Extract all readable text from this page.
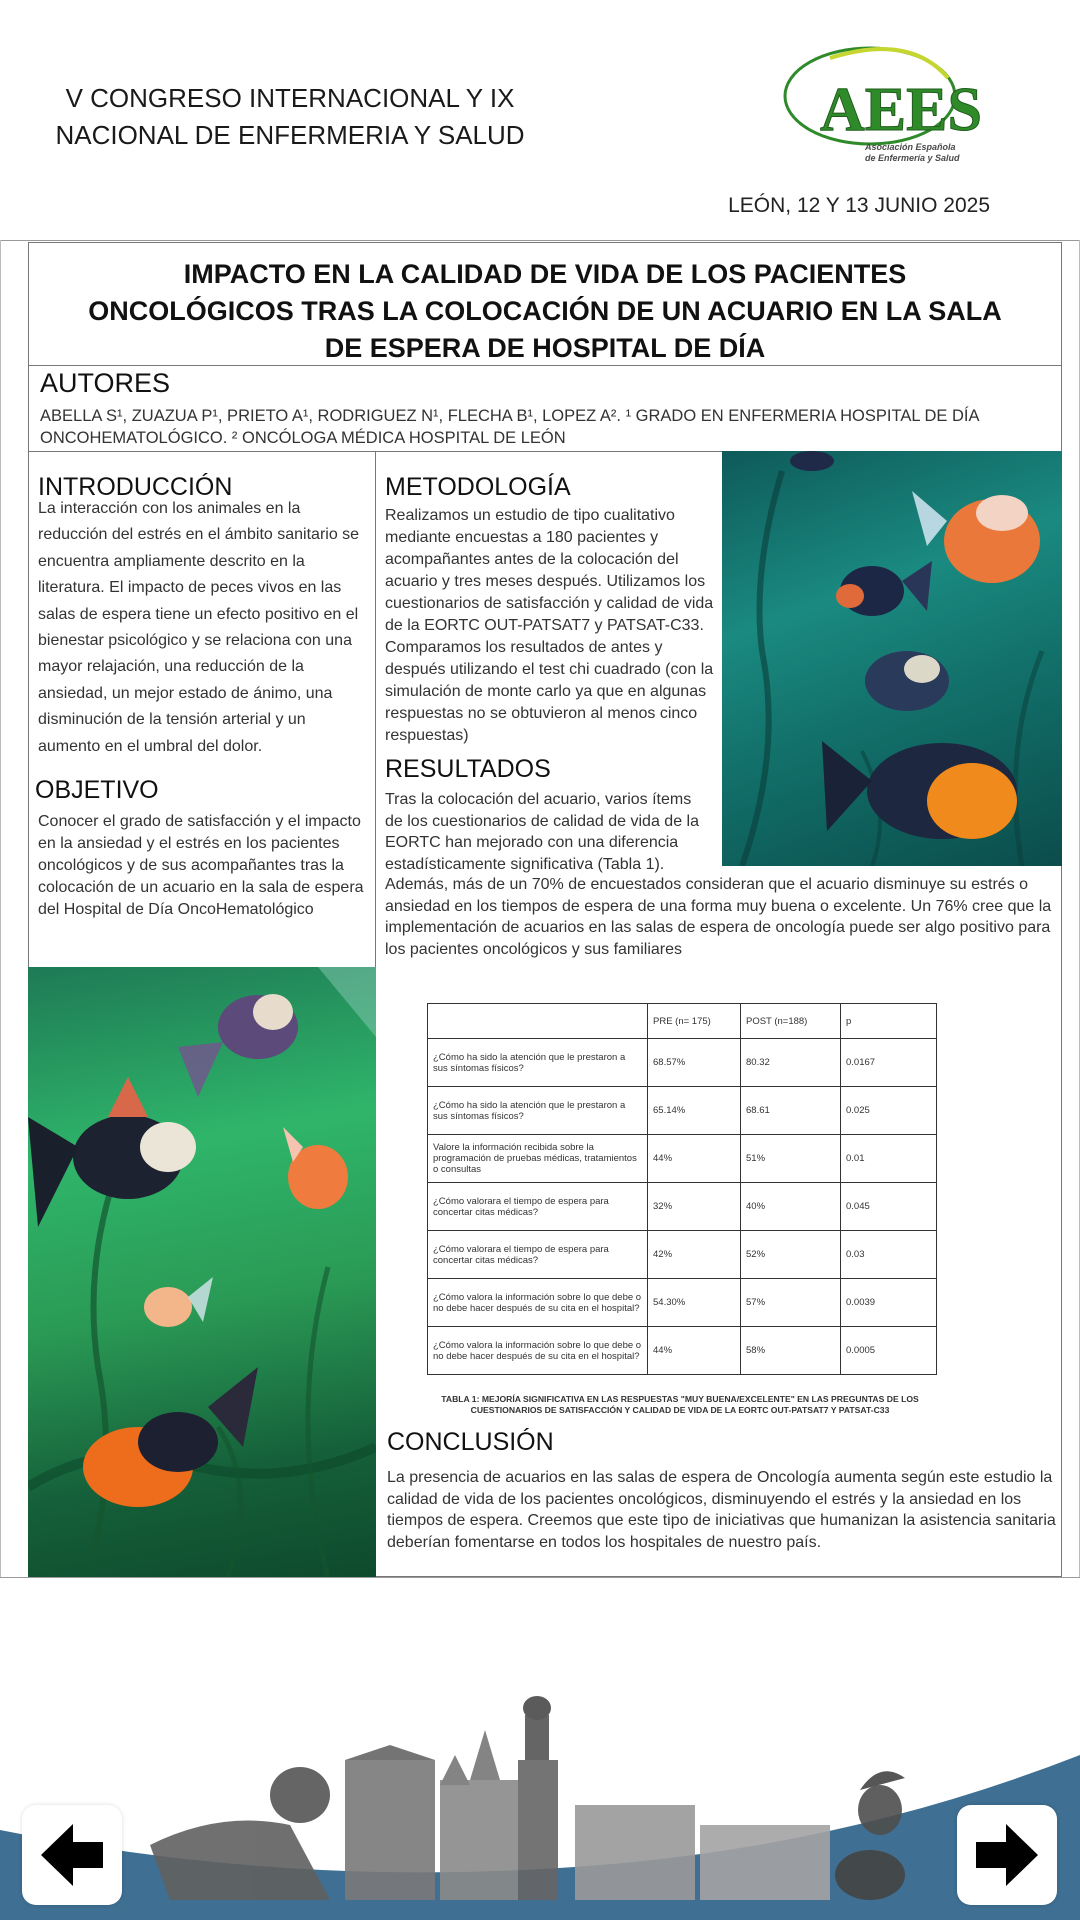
V CONGRESO INTERNACIONAL Y IX
NACIONAL DE ENFERMERIA Y SALUD	AEES
Asociación Española
de Enfermería y Salud
LEÓN, 12 Y 13 JUNIO 2025
IMPACTO EN LA CALIDAD DE VIDA DE LOS PACIENTES
ONCOLÓGICOS TRAS LA COLOCACIÓN DE UN ACUARIO EN LA SALA
DE ESPERA DE HOSPITAL DE DÍA
AUTORES
ABELLA S¹, ZUAZUA P¹, PRIETO A¹, RODRIGUEZ N¹, FLECHA B¹, LOPEZ A². ¹ GRADO EN ENFERMERIA HOSPITAL DE DÍA ONCOHEMATOLÓGICO. ² ONCÓLOGA MÉDICA HOSPITAL DE LEÓN
INTRODUCCIÓN
La interacción con los animales en la reducción del estrés en el ámbito sanitario se encuentra ampliamente descrito en la literatura. El impacto de peces vivos en las salas de espera tiene un efecto positivo en el bienestar psicológico y se relaciona con una mayor relajación, una reducción de la ansiedad, un mejor estado de ánimo, una disminución de la tensión arterial y un aumento en el umbral del dolor.
OBJETIVO
Conocer el grado de satisfacción y el impacto en la ansiedad y el estrés en los pacientes oncológicos y de sus acompañantes tras la colocación de un acuario en la sala de espera del Hospital de Día OncoHematológico
METODOLOGÍA
Realizamos un estudio de tipo cualitativo mediante encuestas a 180 pacientes y acompañantes antes de la colocación del acuario y tres meses después. Utilizamos los cuestionarios de satisfacción y calidad de vida de la EORTC OUT-PATSAT7 y PATSAT-C33. Comparamos los resultados de antes y después utilizando el test chi cuadrado (con la simulación de monte carlo ya que en algunas respuestas no se obtuvieron al menos cinco respuestas)
RESULTADOS
Tras la colocación del acuario, varios ítems de los cuestionarios de calidad de vida de la EORTC han mejorado con una diferencia estadísticamente significativa (Tabla 1).
Además, más de un 70% de encuestados consideran que el acuario disminuye su estrés o ansiedad en los tiempos de espera de una forma muy buena o excelente. Un 76% cree que la implementación de acuarios en las salas de espera de oncología puede ser algo positivo para los pacientes oncológicos y sus familiares
	PRE (n= 175)	POST (n=188)	p
¿Cómo ha sido la atención que le prestaron a sus síntomas físicos?	68.57%	80.32	0.0167
¿Cómo ha sido la atención que le prestaron a sus síntomas físicos?	65.14%	68.61	0.025
Valore la información recibida sobre la programación de pruebas médicas, tratamientos o consultas	44%	51%	0.01
¿Cómo valorara el tiempo de espera para concertar citas médicas?	32%	40%	0.045
¿Cómo valorara el tiempo de espera para concertar citas médicas?	42%	52%	0.03
¿Cómo valora la información sobre lo que debe o no debe hacer después de su cita en el hospital?	54.30%	57%	0.0039
¿Cómo valora la información sobre lo que debe o no debe hacer después de su cita en el hospital?	44%	58%	0.0005
TABLA 1: MEJORÍA SIGNIFICATIVA EN LAS RESPUESTAS "MUY BUENA/EXCELENTE" EN LAS PREGUNTAS DE LOS
CUESTIONARIOS DE SATISFACCIÓN Y CALIDAD DE VIDA DE LA EORTC OUT-PATSAT7 Y PATSAT-C33
CONCLUSIÓN
La presencia de acuarios en las salas de espera de Oncología aumenta según este estudio la calidad de vida de los pacientes oncológicos, disminuyendo el estrés y la ansiedad en los tiempos de espera. Creemos que este tipo de iniciativas que humanizan la asistencia sanitaria deberían fomentarse en todos los hospitales de nuestro país.
